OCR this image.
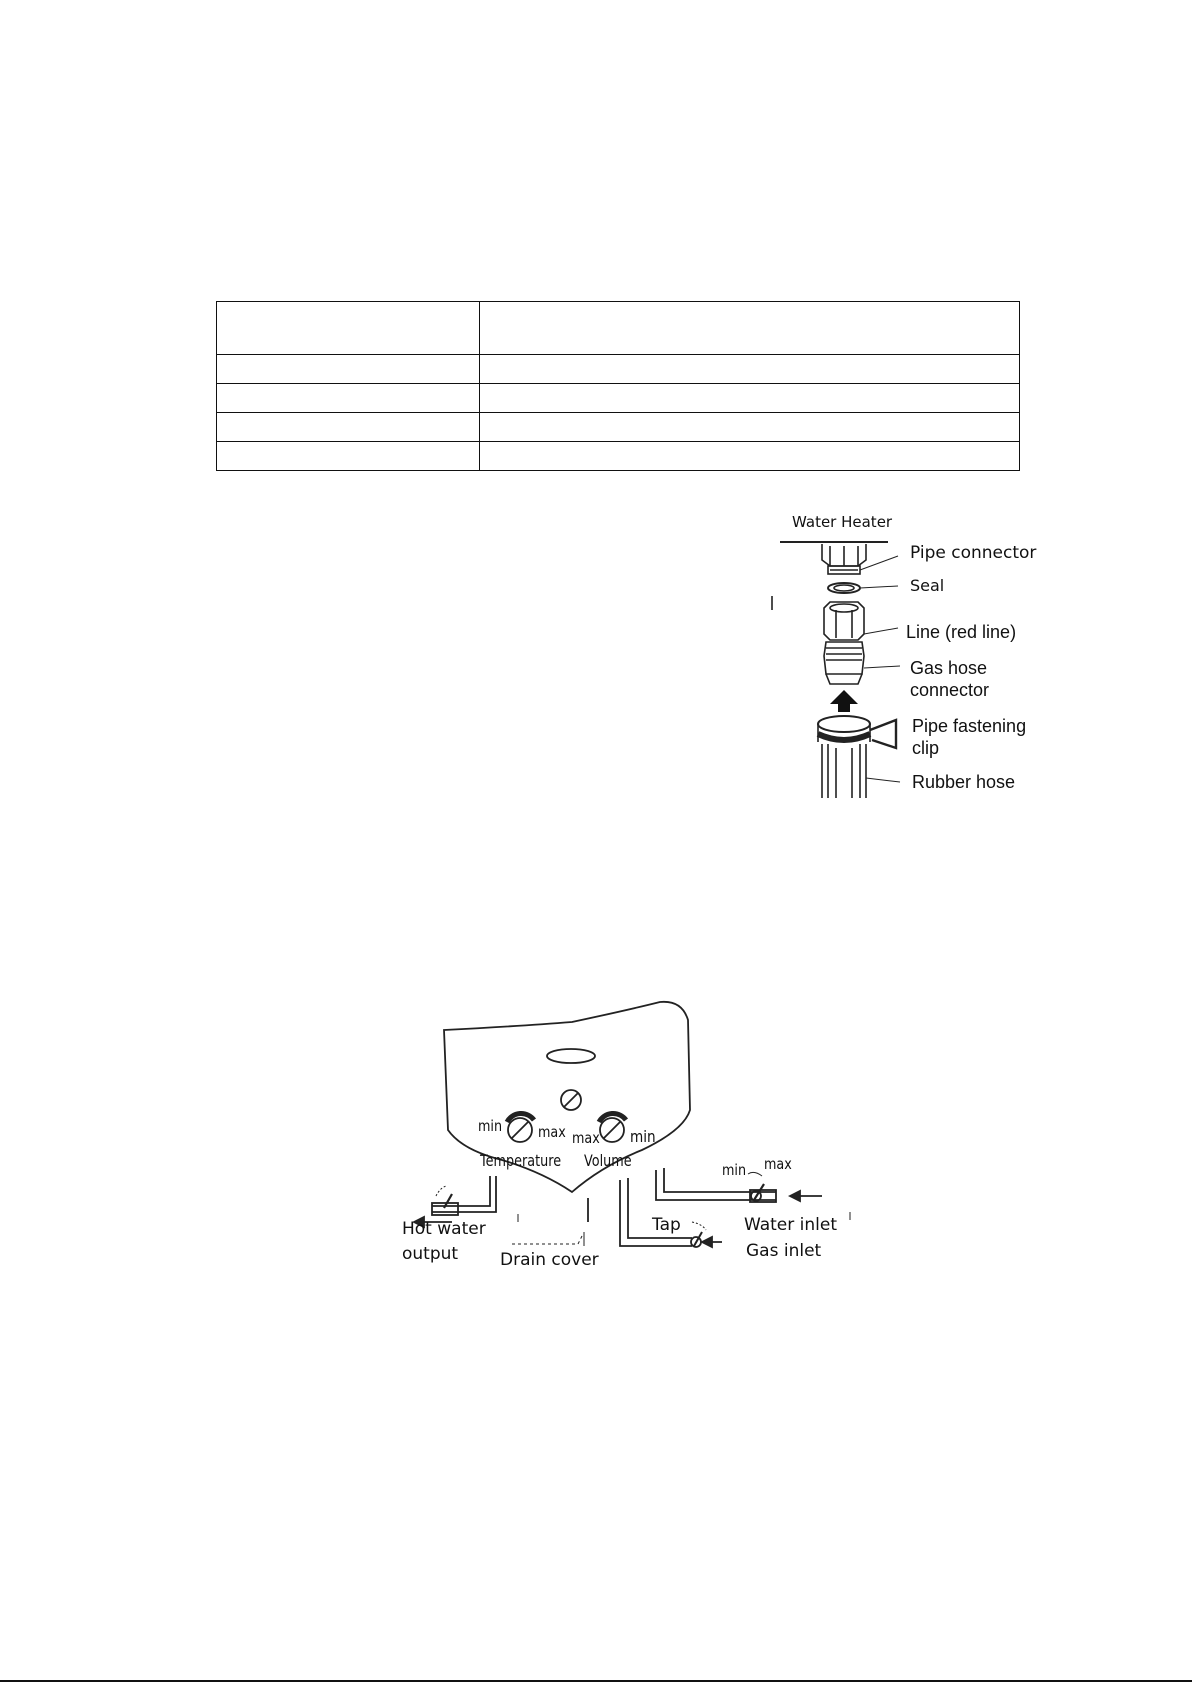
Water Heater
Pipe connector
Seal
Line (red line)
Gas hose
connector
Pipe fastening
clip
Rubber hose
min max
Temperature
max min
Volume	min max
Hot water
output Drain cover
Tap	Water inlet
Gas inlet
